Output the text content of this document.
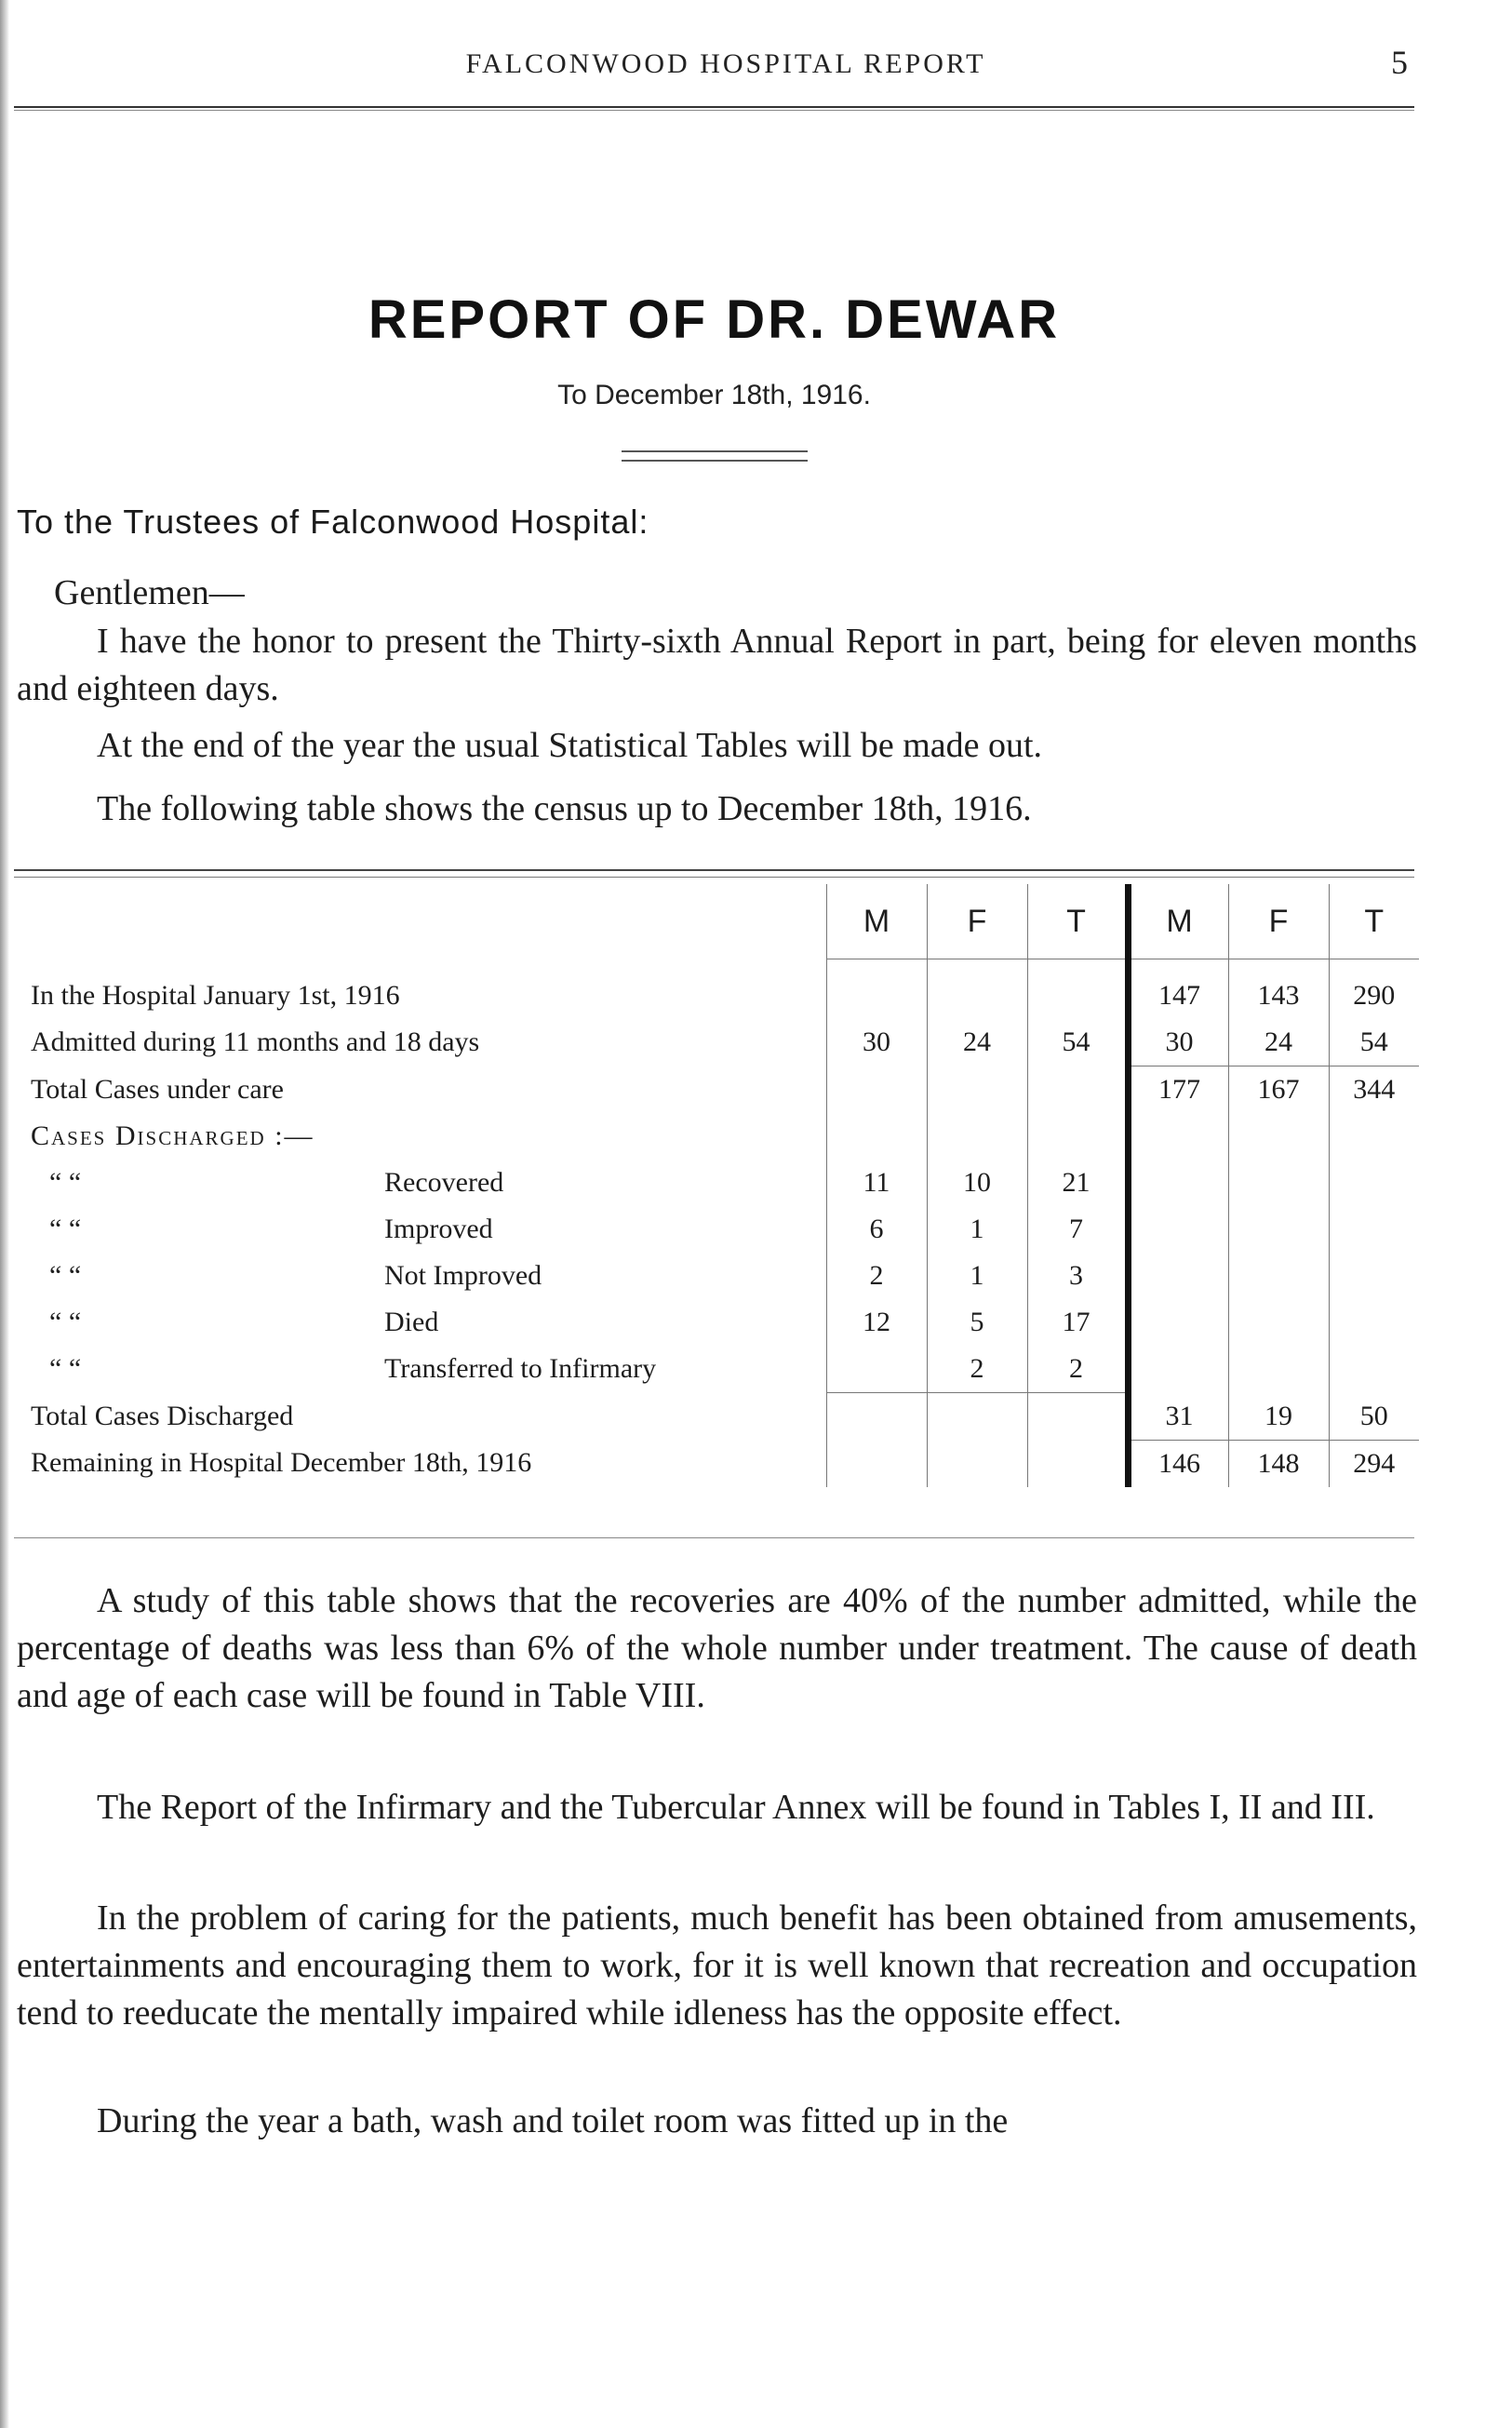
FALCONWOOD HOSPITAL REPORT	5
REPORT OF DR. DEWAR
To December 18th, 1916.
To the Trustees of Falconwood Hospital:
Gentlemen—
I have the honor to present the Thirty-sixth Annual Report in part, being for eleven months and eighteen days.
At the end of the year the usual Statistical Tables will be made out.
The following table shows the census up to December 18th, 1916.
	M	F	T	M	F	T

In the Hospital January 1st, 1916				147	143	290
Admitted during 11 months and 18 days	30	24	54	30	24	54
Total Cases under care				177	167	344
Cases Discharged :—						
“ “ Recovered	11	10	21			
“ “ Improved	6	1	7			
“ “ Not Improved	2	1	3			
“ “ Died	12	5	17			
“ “ Transferred to Infirmary		2	2			
Total Cases Discharged				31	19	50
Remaining in Hospital December 18th, 1916				146	148	294
A study of this table shows that the recoveries are 40% of the number admitted, while the percentage of deaths was less than 6% of the whole number under treatment. The cause of death and age of each case will be found in Table VIII.
The Report of the Infirmary and the Tubercular Annex will be found in Tables I, II and III.
In the problem of caring for the patients, much benefit has been obtained from amusements, entertainments and encouraging them to work, for it is well known that recreation and occupation tend to reeducate the mentally impaired while idleness has the opposite effect.
During the year a bath, wash and toilet room was fitted up in the
